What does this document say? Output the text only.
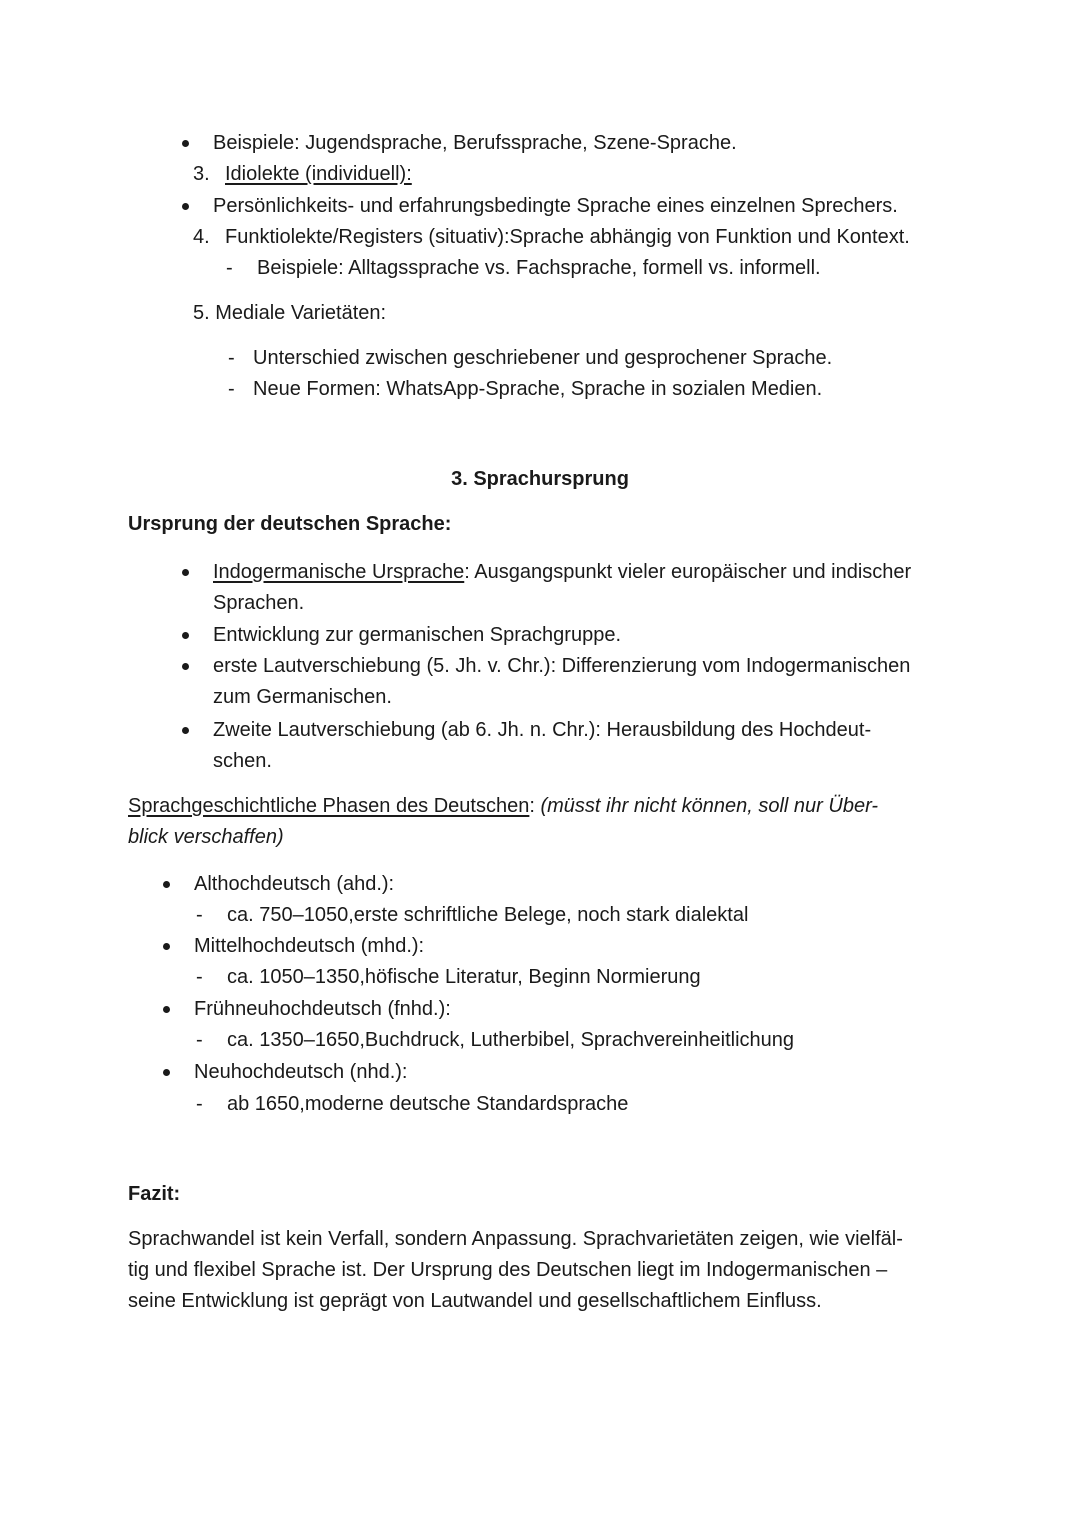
Beispiele: Jugendsprache, Berufssprache, Szene-Sprache.
3. Idiolekte (individuell):
Persönlichkeits- und erfahrungsbedingte Sprache eines einzelnen Sprechers.
4. Funktiolekte/Registers (situativ):Sprache abhängig von Funktion und Kontext.
- Beispiele: Alltagssprache vs. Fachsprache, formell vs. informell.
5. Mediale Varietäten:
- Unterschied zwischen geschriebener und gesprochener Sprache.
- Neue Formen: WhatsApp-Sprache, Sprache in sozialen Medien.
3. Sprachursprung
Ursprung der deutschen Sprache:
Indogermanische Ursprache: Ausgangspunkt vieler europäischer und indischer
Sprachen.
Entwicklung zur germanischen Sprachgruppe.
erste Lautverschiebung (5. Jh. v. Chr.): Differenzierung vom Indogermanischen
zum Germanischen.
Zweite Lautverschiebung (ab 6. Jh. n. Chr.): Herausbildung des Hochdeut-
schen.
Sprachgeschichtliche Phasen des Deutschen: (müsst ihr nicht können, soll nur Über-
blick verschaffen)
Althochdeutsch (ahd.):
- ca. 750–1050,erste schriftliche Belege, noch stark dialektal
Mittelhochdeutsch (mhd.):
- ca. 1050–1350,höfische Literatur, Beginn Normierung
Frühneuhochdeutsch (fnhd.):
- ca. 1350–1650,Buchdruck, Lutherbibel, Sprachvereinheitlichung
Neuhochdeutsch (nhd.):
- ab 1650,moderne deutsche Standardsprache
Fazit:
Sprachwandel ist kein Verfall, sondern Anpassung. Sprachvarietäten zeigen, wie vielfäl-
tig und flexibel Sprache ist. Der Ursprung des Deutschen liegt im Indogermanischen –
seine Entwicklung ist geprägt von Lautwandel und gesellschaftlichem Einfluss.
